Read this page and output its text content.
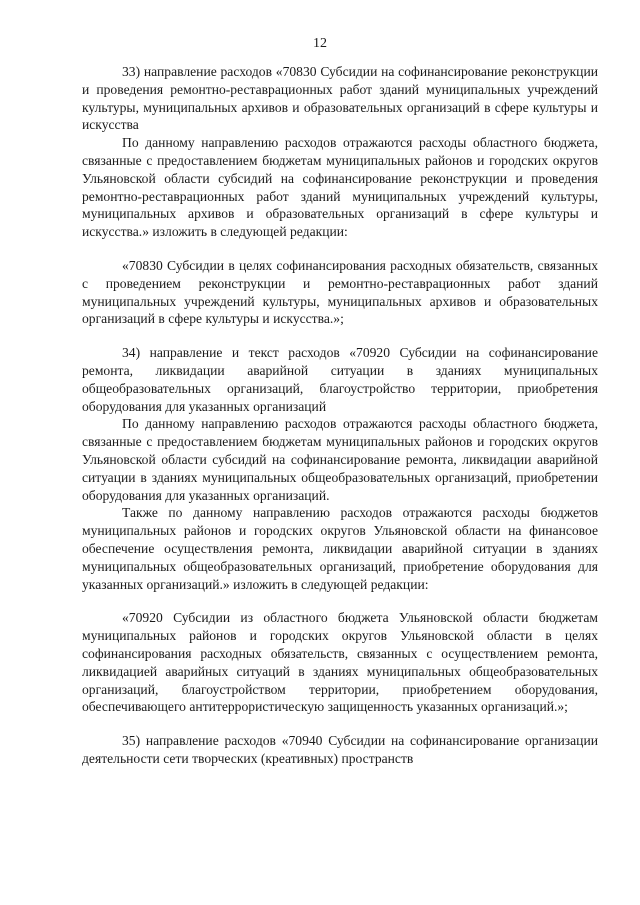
12

33) направление расходов «70830 Субсидии на софинансирование реконструкции и проведения ремонтно-реставрационных работ зданий муниципальных учреждений культуры, муниципальных архивов и образовательных организаций в сфере культуры и искусства

По данному направлению расходов отражаются расходы областного бюджета, связанные с предоставлением бюджетам муниципальных районов и городских округов Ульяновской области субсидий на софинансирование реконструкции и проведения ремонтно-реставрационных работ зданий муниципальных учреждений культуры, муниципальных архивов и образовательных организаций в сфере культуры и искусства.» изложить в следующей редакции:

«70830 Субсидии в целях софинансирования расходных обязательств, связанных с проведением реконструкции и ремонтно-реставрационных работ зданий муниципальных учреждений культуры, муниципальных архивов и образовательных организаций в сфере культуры и искусства.»;

34) направление и текст расходов «70920 Субсидии на софинансирование ремонта, ликвидации аварийной ситуации в зданиях муниципальных общеобразовательных организаций, благоустройство территории, приобретения оборудования для указанных организаций

По данному направлению расходов отражаются расходы областного бюджета, связанные с предоставлением бюджетам муниципальных районов и городских округов Ульяновской области субсидий на софинансирование ремонта, ликвидации аварийной ситуации в зданиях муниципальных общеобразовательных организаций, приобретении оборудования для указанных организаций.

Также по данному направлению расходов отражаются расходы бюджетов муниципальных районов и городских округов Ульяновской области на финансовое обеспечение осуществления ремонта, ликвидации аварийной ситуации в зданиях муниципальных общеобразовательных организаций, приобретение оборудования для указанных организаций.» изложить в следующей редакции:

«70920 Субсидии из областного бюджета Ульяновской области бюджетам муниципальных районов и городских округов Ульяновской области в целях софинансирования расходных обязательств, связанных с осуществлением ремонта, ликвидацией аварийных ситуаций в зданиях муниципальных общеобразовательных организаций, благоустройством территории, приобретением оборудования, обеспечивающего антитеррористическую защищенность указанных организаций.»;

35) направление расходов «70940 Субсидии на софинансирование организации деятельности сети творческих (креативных) пространств
